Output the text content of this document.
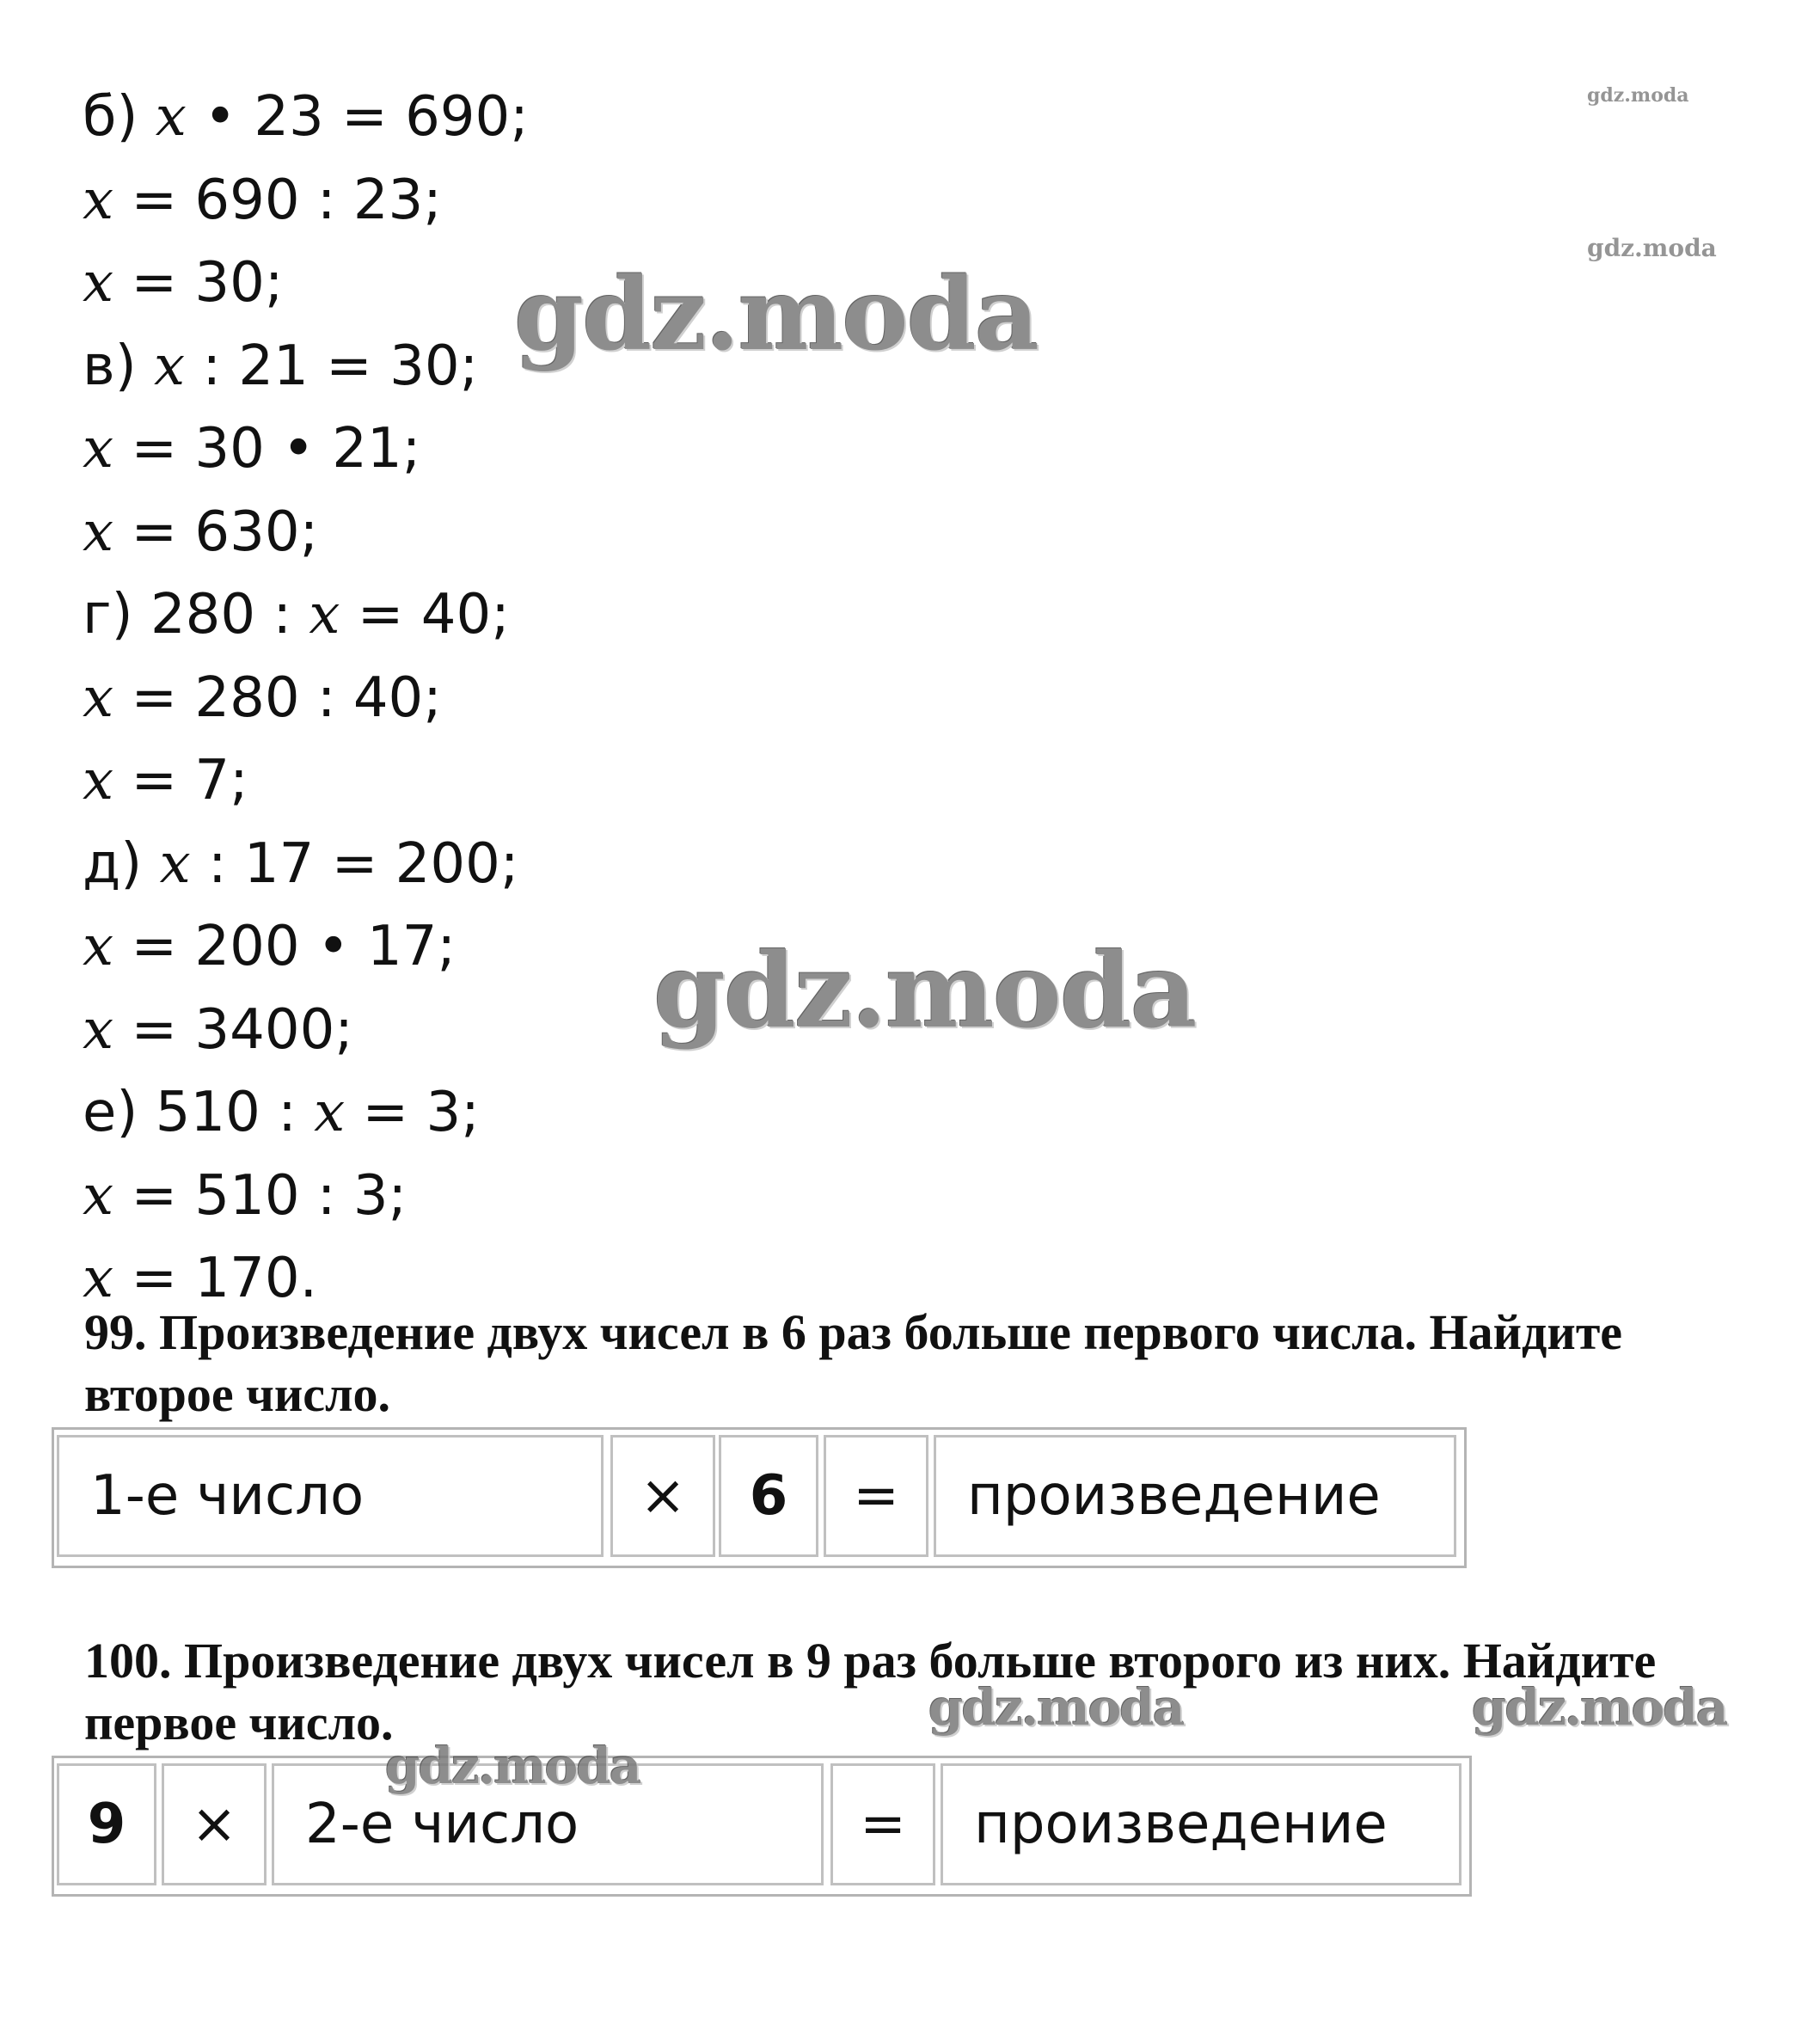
б) x • 23 = 690;
x = 690 : 23;
x = 30;
в) x : 21 = 30;
x = 30 • 21;
x = 630;
г) 280 : x = 40;
x = 280 : 40;
x = 7;
д) x : 17 = 200;
x = 200 • 17;
x = 3400;
е) 510 : x = 3;
x = 510 : 3;
x = 170.
99. Произведение двух чисел в 6 раз больше первого числа. Найдите второе число.
1-е число	×	6	=	произведение
100. Произведение двух чисел в 9 раз больше второго из них. Найдите первое число.
9	×	2-е число	=	произведение
gdz.moda
gdz.moda
gdz.moda
gdz.moda
gdz.moda	gdz.moda
gdz.moda
